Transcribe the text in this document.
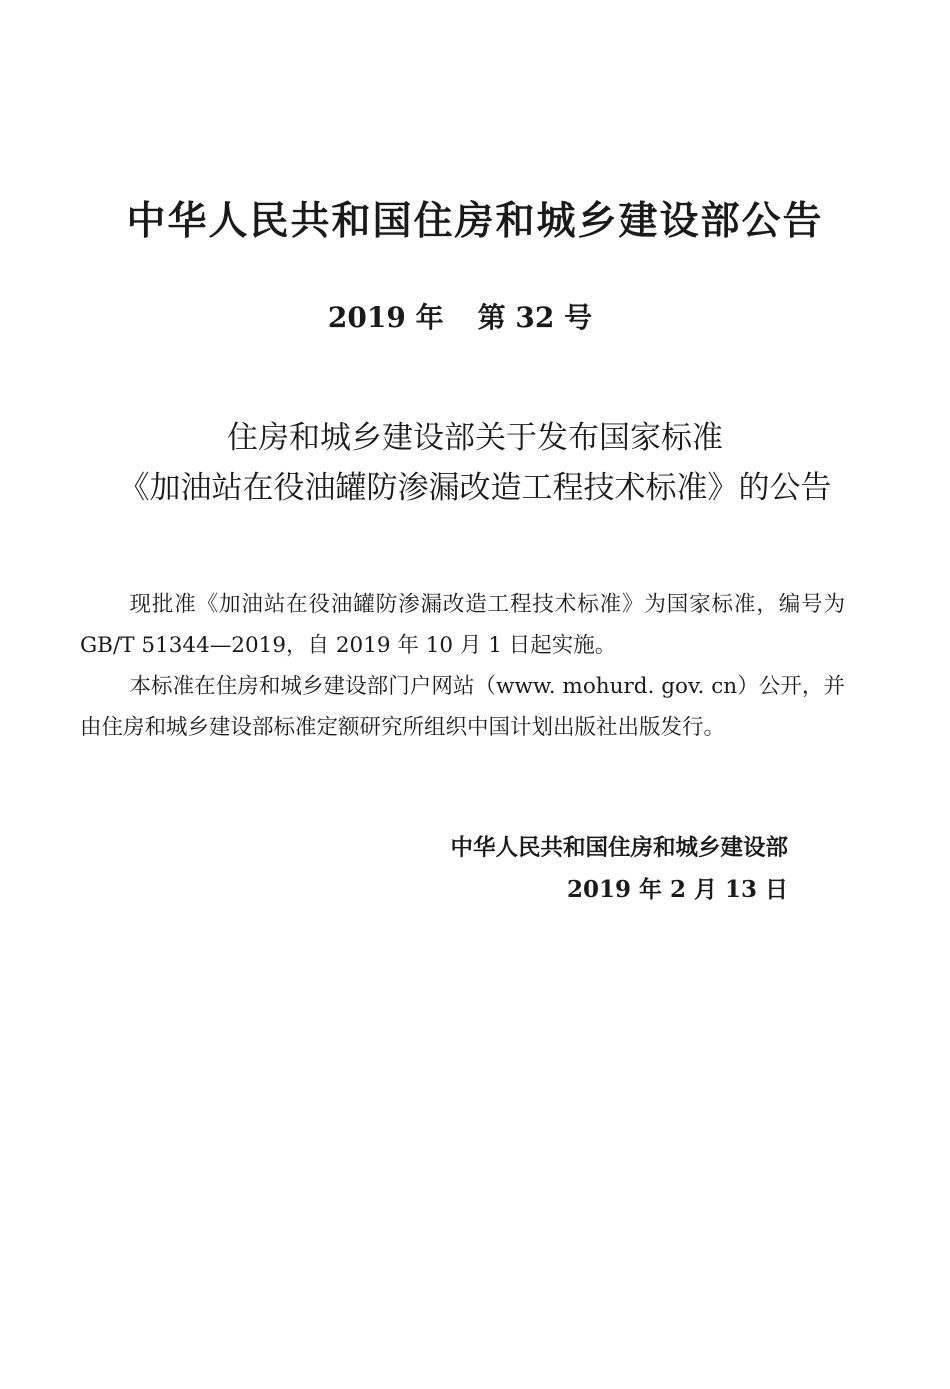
中华人民共和国住房和城乡建设部公告
2019 年 第 32 号
住房和城乡建设部关于发布国家标准
《加油站在役油罐防渗漏改造工程技术标准》的公告

现批准《加油站在役油罐防渗漏改造工程技术标准》为国家标准，编号为 GB/T 51344—2019，自 2019 年 10 月 1 日起实施。

本标准在住房和城乡建设部门户网站（www. mohurd. gov. cn）公开，并由住房和城乡建设部标准定额研究所组织中国计划出版社出版发行。

中华人民共和国住房和城乡建设部
2019 年 2 月 13 日
